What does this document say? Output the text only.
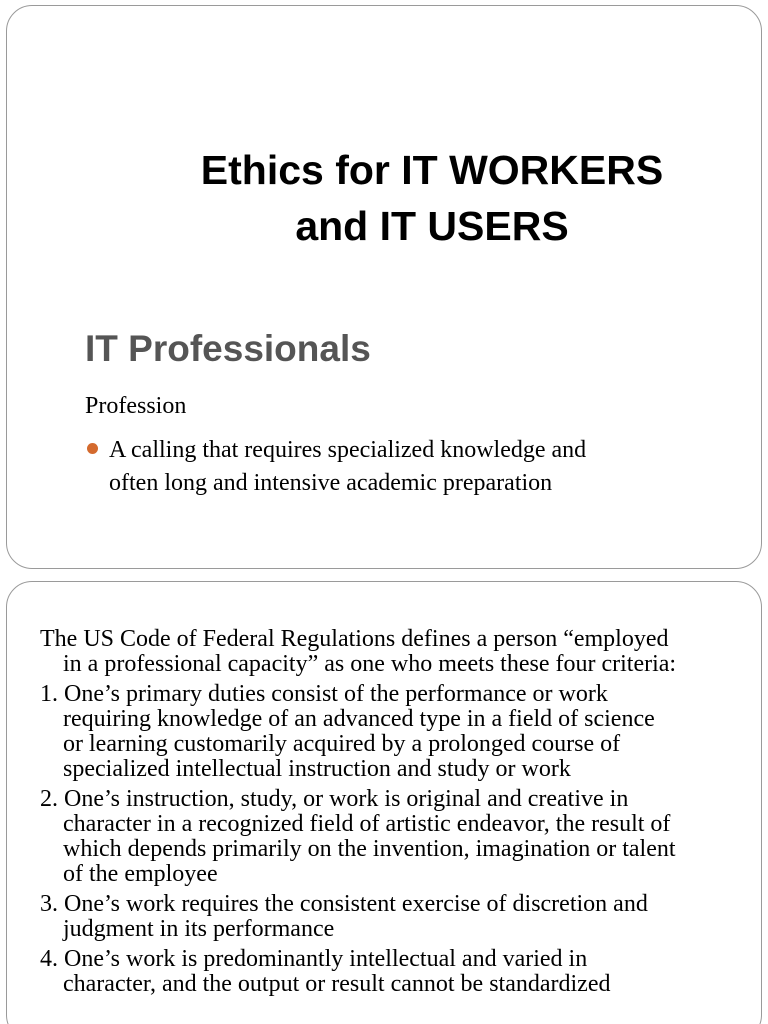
Ethics for IT WORKERS
and IT USERS
IT Professionals

Profession

A calling that requires specialized knowledge and
often long and intensive academic preparation

The US Code of Federal Regulations defines a person “employed
in a professional capacity” as one who meets these four criteria:

1. One’s primary duties consist of the performance or work
requiring knowledge of an advanced type in a field of science
or learning customarily acquired by a prolonged course of
specialized intellectual instruction and study or work
2. One’s instruction, study, or work is original and creative in
character in a recognized field of artistic endeavor, the result of
which depends primarily on the invention, imagination or talent
of the employee
3. One’s work requires the consistent exercise of discretion and
judgment in its performance
4. One’s work is predominantly intellectual and varied in
character, and the output or result cannot be standardized
